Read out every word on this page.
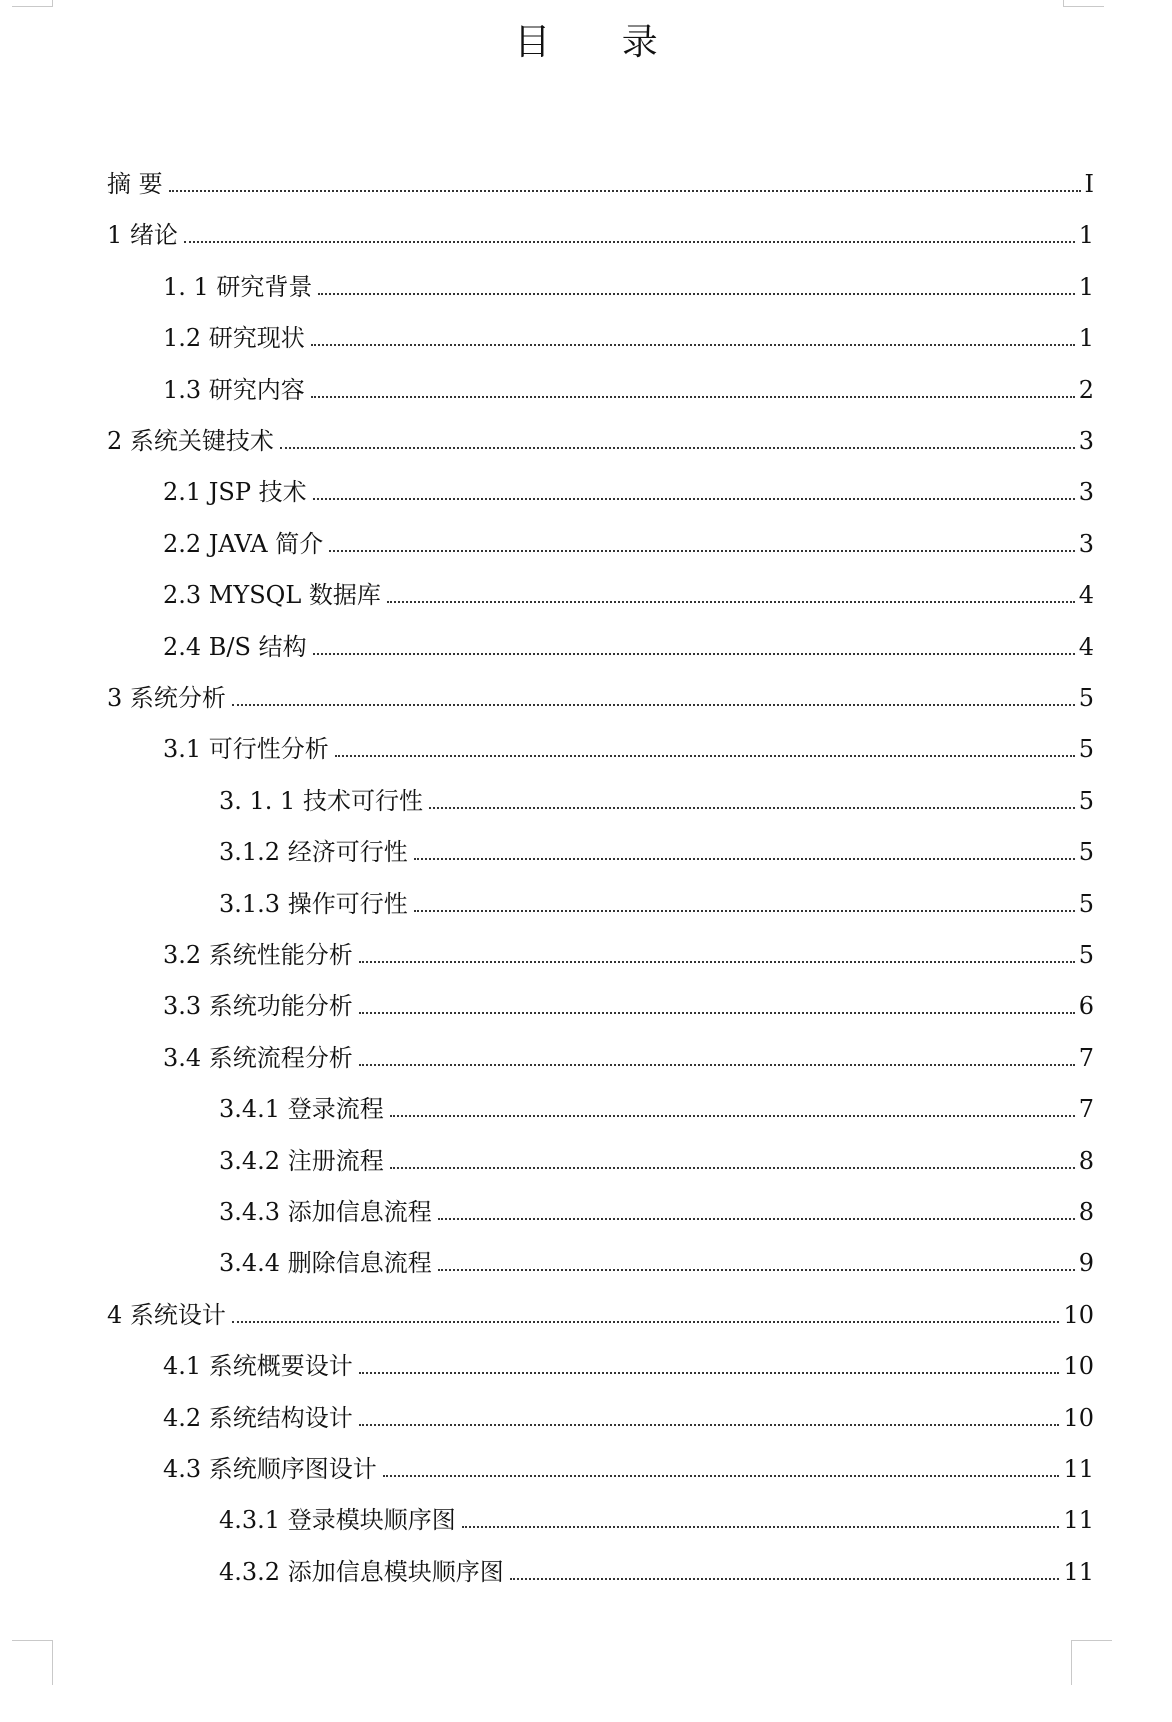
目 录
摘 要	I
1 绪论	1
1. 1 研究背景	1
1.2 研究现状	1
1.3 研究内容	2
2 系统关键技术	3
2.1 JSP 技术	3
2.2 JAVA 简介	3
2.3 MYSQL 数据库	4
2.4 B/S 结构	4
3 系统分析	5
3.1 可行性分析	5
3. 1. 1 技术可行性	5
3.1.2 经济可行性	5
3.1.3 操作可行性	5
3.2 系统性能分析	5
3.3 系统功能分析	6
3.4 系统流程分析	7
3.4.1 登录流程	7
3.4.2 注册流程	8
3.4.3 添加信息流程	8
3.4.4 删除信息流程	9
4 系统设计	10
4.1 系统概要设计	10
4.2 系统结构设计	10
4.3 系统顺序图设计	11
4.3.1 登录模块顺序图	11
4.3.2 添加信息模块顺序图	11
